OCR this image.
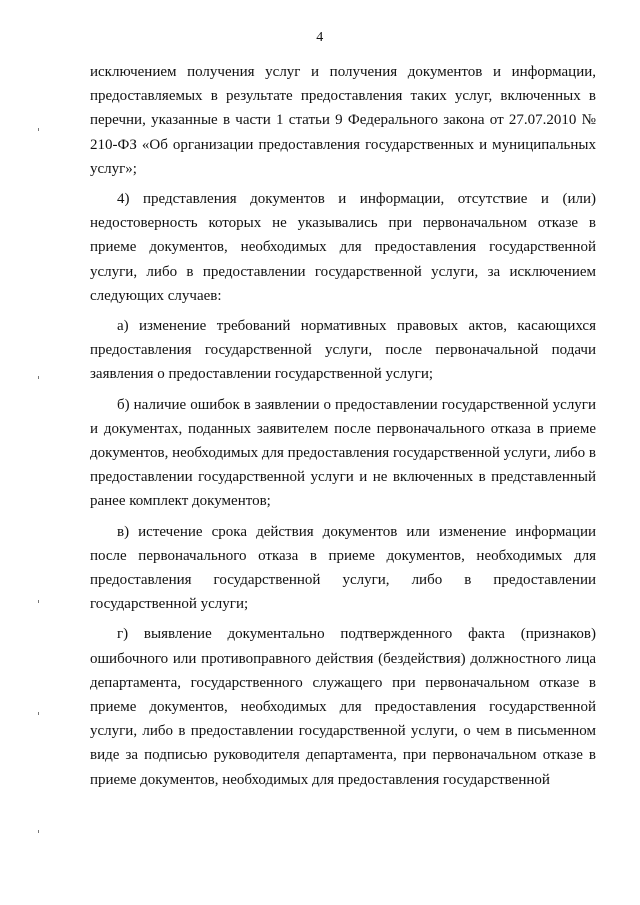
4

исключением получения услуг и получения документов и информации, предоставляемых в результате предоставления таких услуг, включенных в перечни, указанные в части 1 статьи 9 Федерального закона от 27.07.2010 № 210-ФЗ «Об организации предоставления государственных и муниципальных услуг»;

4) представления документов и информации, отсутствие и (или) недостоверность которых не указывались при первоначальном отказе в приеме документов, необходимых для предоставления государственной услуги, либо в предоставлении государственной услуги, за исключением следующих случаев:

а) изменение требований нормативных правовых актов, касающихся предоставления государственной услуги, после первоначальной подачи заявления о предоставлении государственной услуги;

б) наличие ошибок в заявлении о предоставлении государственной услуги и документах, поданных заявителем после первоначального отказа в приеме документов, необходимых для предоставления государственной услуги, либо в предоставлении государственной услуги и не включенных в представленный ранее комплект документов;

в) истечение срока действия документов или изменение информации после первоначального отказа в приеме документов, необходимых для предоставления государственной услуги, либо в предоставлении государственной услуги;

г) выявление документально подтвержденного факта (признаков) ошибочного или противоправного действия (бездействия) должностного лица департамента, государственного служащего при первоначальном отказе в приеме документов, необходимых для предоставления государственной услуги, либо в предоставлении государственной услуги, о чем в письменном виде за подписью руководителя департамента, при первоначальном отказе в приеме документов, необходимых для предоставления государственной
